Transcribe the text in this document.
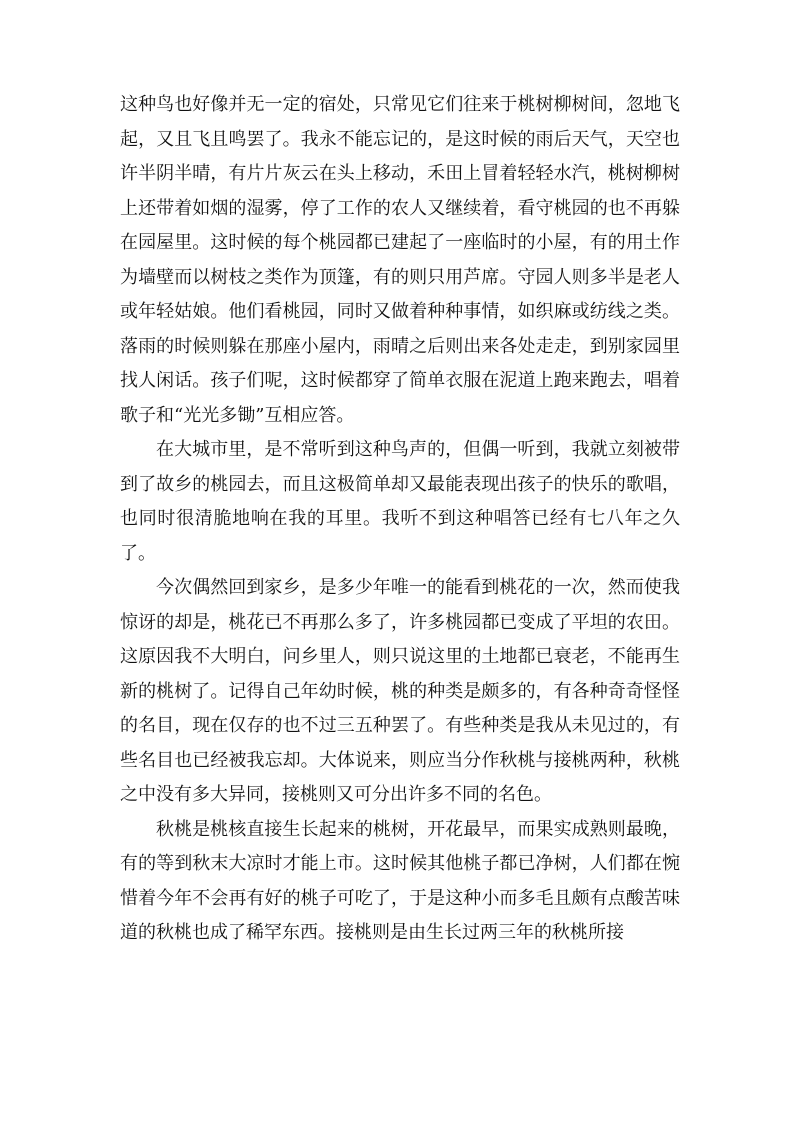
这种鸟也好像并无一定的宿处，只常见它们往来于桃树柳树间，忽地飞起，又且飞且鸣罢了。我永不能忘记的，是这时候的雨后天气，天空也许半阴半晴，有片片灰云在头上移动，禾田上冒着轻轻水汽，桃树柳树上还带着如烟的湿雾，停了工作的农人又继续着，看守桃园的也不再躲在园屋里。这时候的每个桃园都已建起了一座临时的小屋，有的用土作为墙壁而以树枝之类作为顶篷，有的则只用芦席。守园人则多半是老人或年轻姑娘。他们看桃园，同时又做着种种事情，如织麻或纺线之类。落雨的时候则躲在那座小屋内，雨晴之后则出来各处走走，到别家园里找人闲话。孩子们呢，这时候都穿了简单衣服在泥道上跑来跑去，唱着歌子和“光光多锄”互相应答。

在大城市里，是不常听到这种鸟声的，但偶一听到，我就立刻被带到了故乡的桃园去，而且这极简单却又最能表现出孩子的快乐的歌唱，也同时很清脆地响在我的耳里。我听不到这种唱答已经有七八年之久了。

今次偶然回到家乡，是多少年唯一的能看到桃花的一次，然而使我惊讶的却是，桃花已不再那么多了，许多桃园都已变成了平坦的农田。这原因我不大明白，问乡里人，则只说这里的土地都已衰老，不能再生新的桃树了。记得自己年幼时候，桃的种类是颇多的，有各种奇奇怪怪的名目，现在仅存的也不过三五种罢了。有些种类是我从未见过的，有些名目也已经被我忘却。大体说来，则应当分作秋桃与接桃两种，秋桃之中没有多大异同，接桃则又可分出许多不同的名色。

秋桃是桃核直接生长起来的桃树，开花最早，而果实成熟则最晚，有的等到秋末大凉时才能上市。这时候其他桃子都已净树，人们都在惋惜着今年不会再有好的桃子可吃了，于是这种小而多毛且颇有点酸苦味道的秋桃也成了稀罕东西。接桃则是由生长过两三年的秋桃所接
